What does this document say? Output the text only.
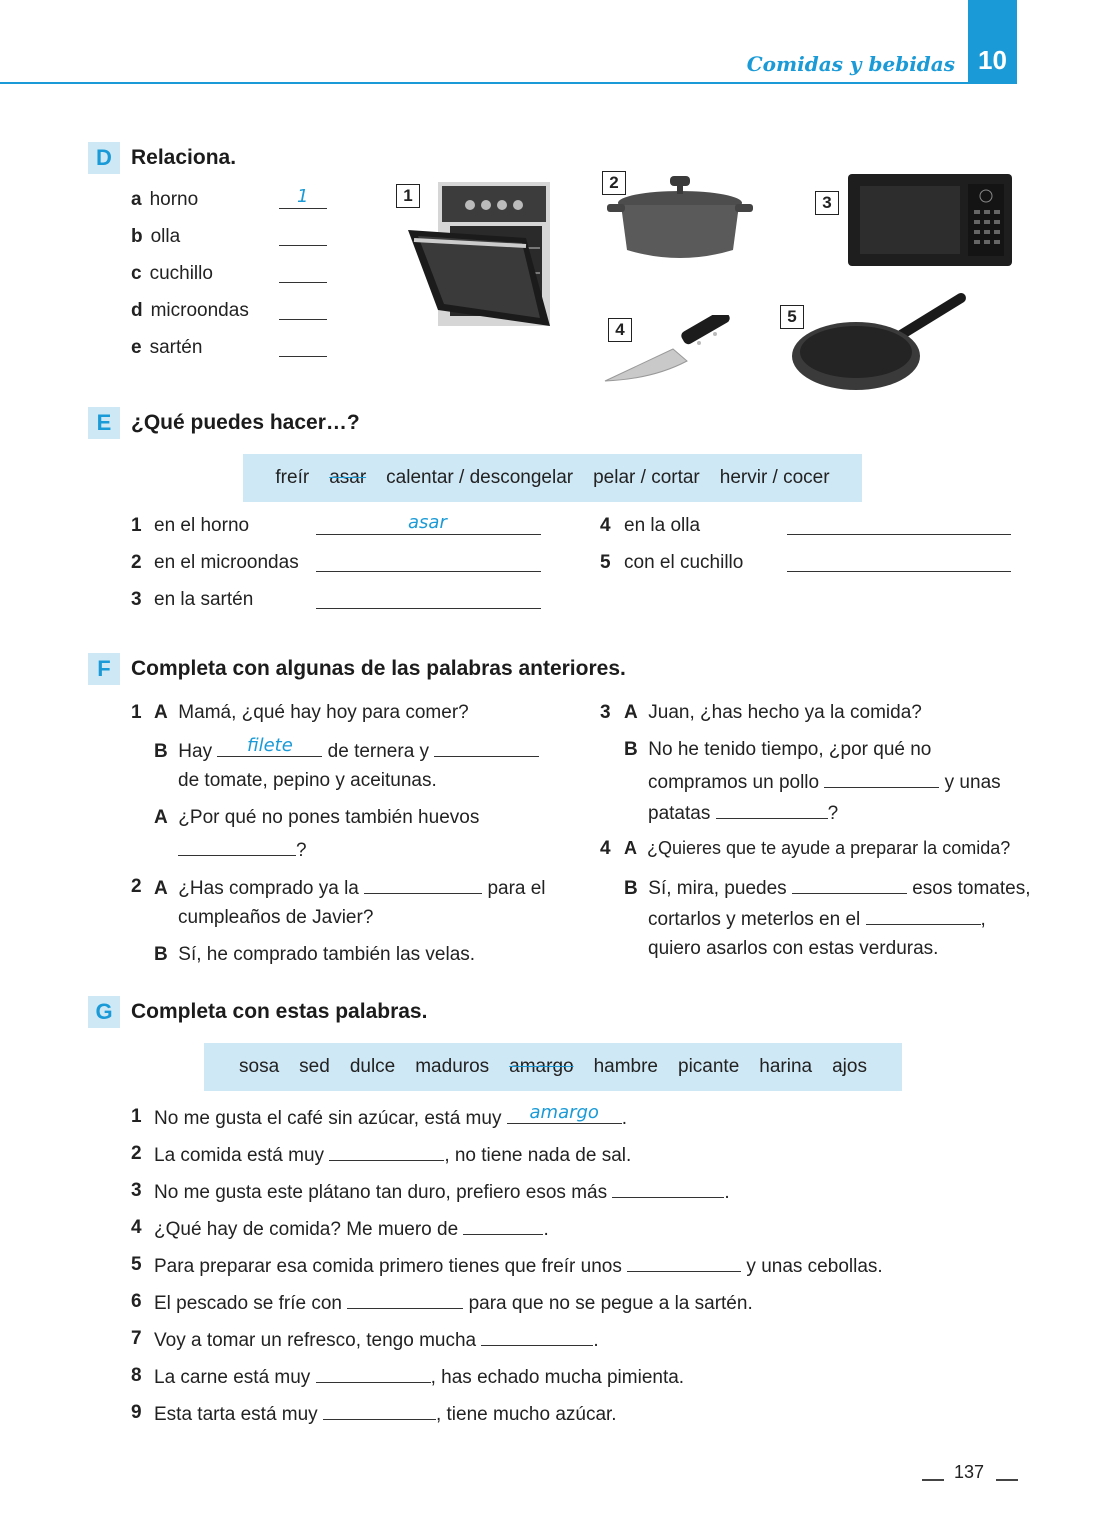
Comidas y bebidas 10
D Relaciona.
a horno	1
b olla
c cuchillo
d microondas
e sartén
1
2
3
4
5
E ¿Qué puedes hacer…?
freír asar calentar / descongelar pelar / cortar hervir / cocer
1 en el horno	asar
2 en el microondas
3 en la sartén
4 en la olla
5 con el cuchillo
F Completa con algunas de las palabras anteriores.
1 A Mamá, ¿qué hay hoy para comer?
B Hay	filete	de ternera y
de tomate, pepino y aceitunas.
A ¿Por qué no pones también huevos
?
2 A ¿Has comprado ya la	para el
cumpleaños de Javier?
B Sí, he comprado también las velas.
3 A Juan, ¿has hecho ya la comida?
B No he tenido tiempo, ¿por qué no
compramos un pollo	y unas
patatas	?
4 A ¿Quieres que te ayude a preparar la comida?
B Sí, mira, puedes	esos tomates,
cortarlos y meterlos en el	,
quiero asarlos con estas verduras.
G Completa con estas palabras.
sosa sed dulce maduros amargo hambre picante harina ajos
1 No me gusta el café sin azúcar, está muy	amargo	.
2 La comida está muy	, no tiene nada de sal.
3 No me gusta este plátano tan duro, prefiero esos más	.
4 ¿Qué hay de comida? Me muero de	.
5 Para preparar esa comida primero tienes que freír unos	y unas cebollas.
6 El pescado se fríe con	para que no se pegue a la sartén.
7 Voy a tomar un refresco, tengo mucha	.
8 La carne está muy	, has echado mucha pimienta.
9 Esta tarta está muy	, tiene mucho azúcar.
137
